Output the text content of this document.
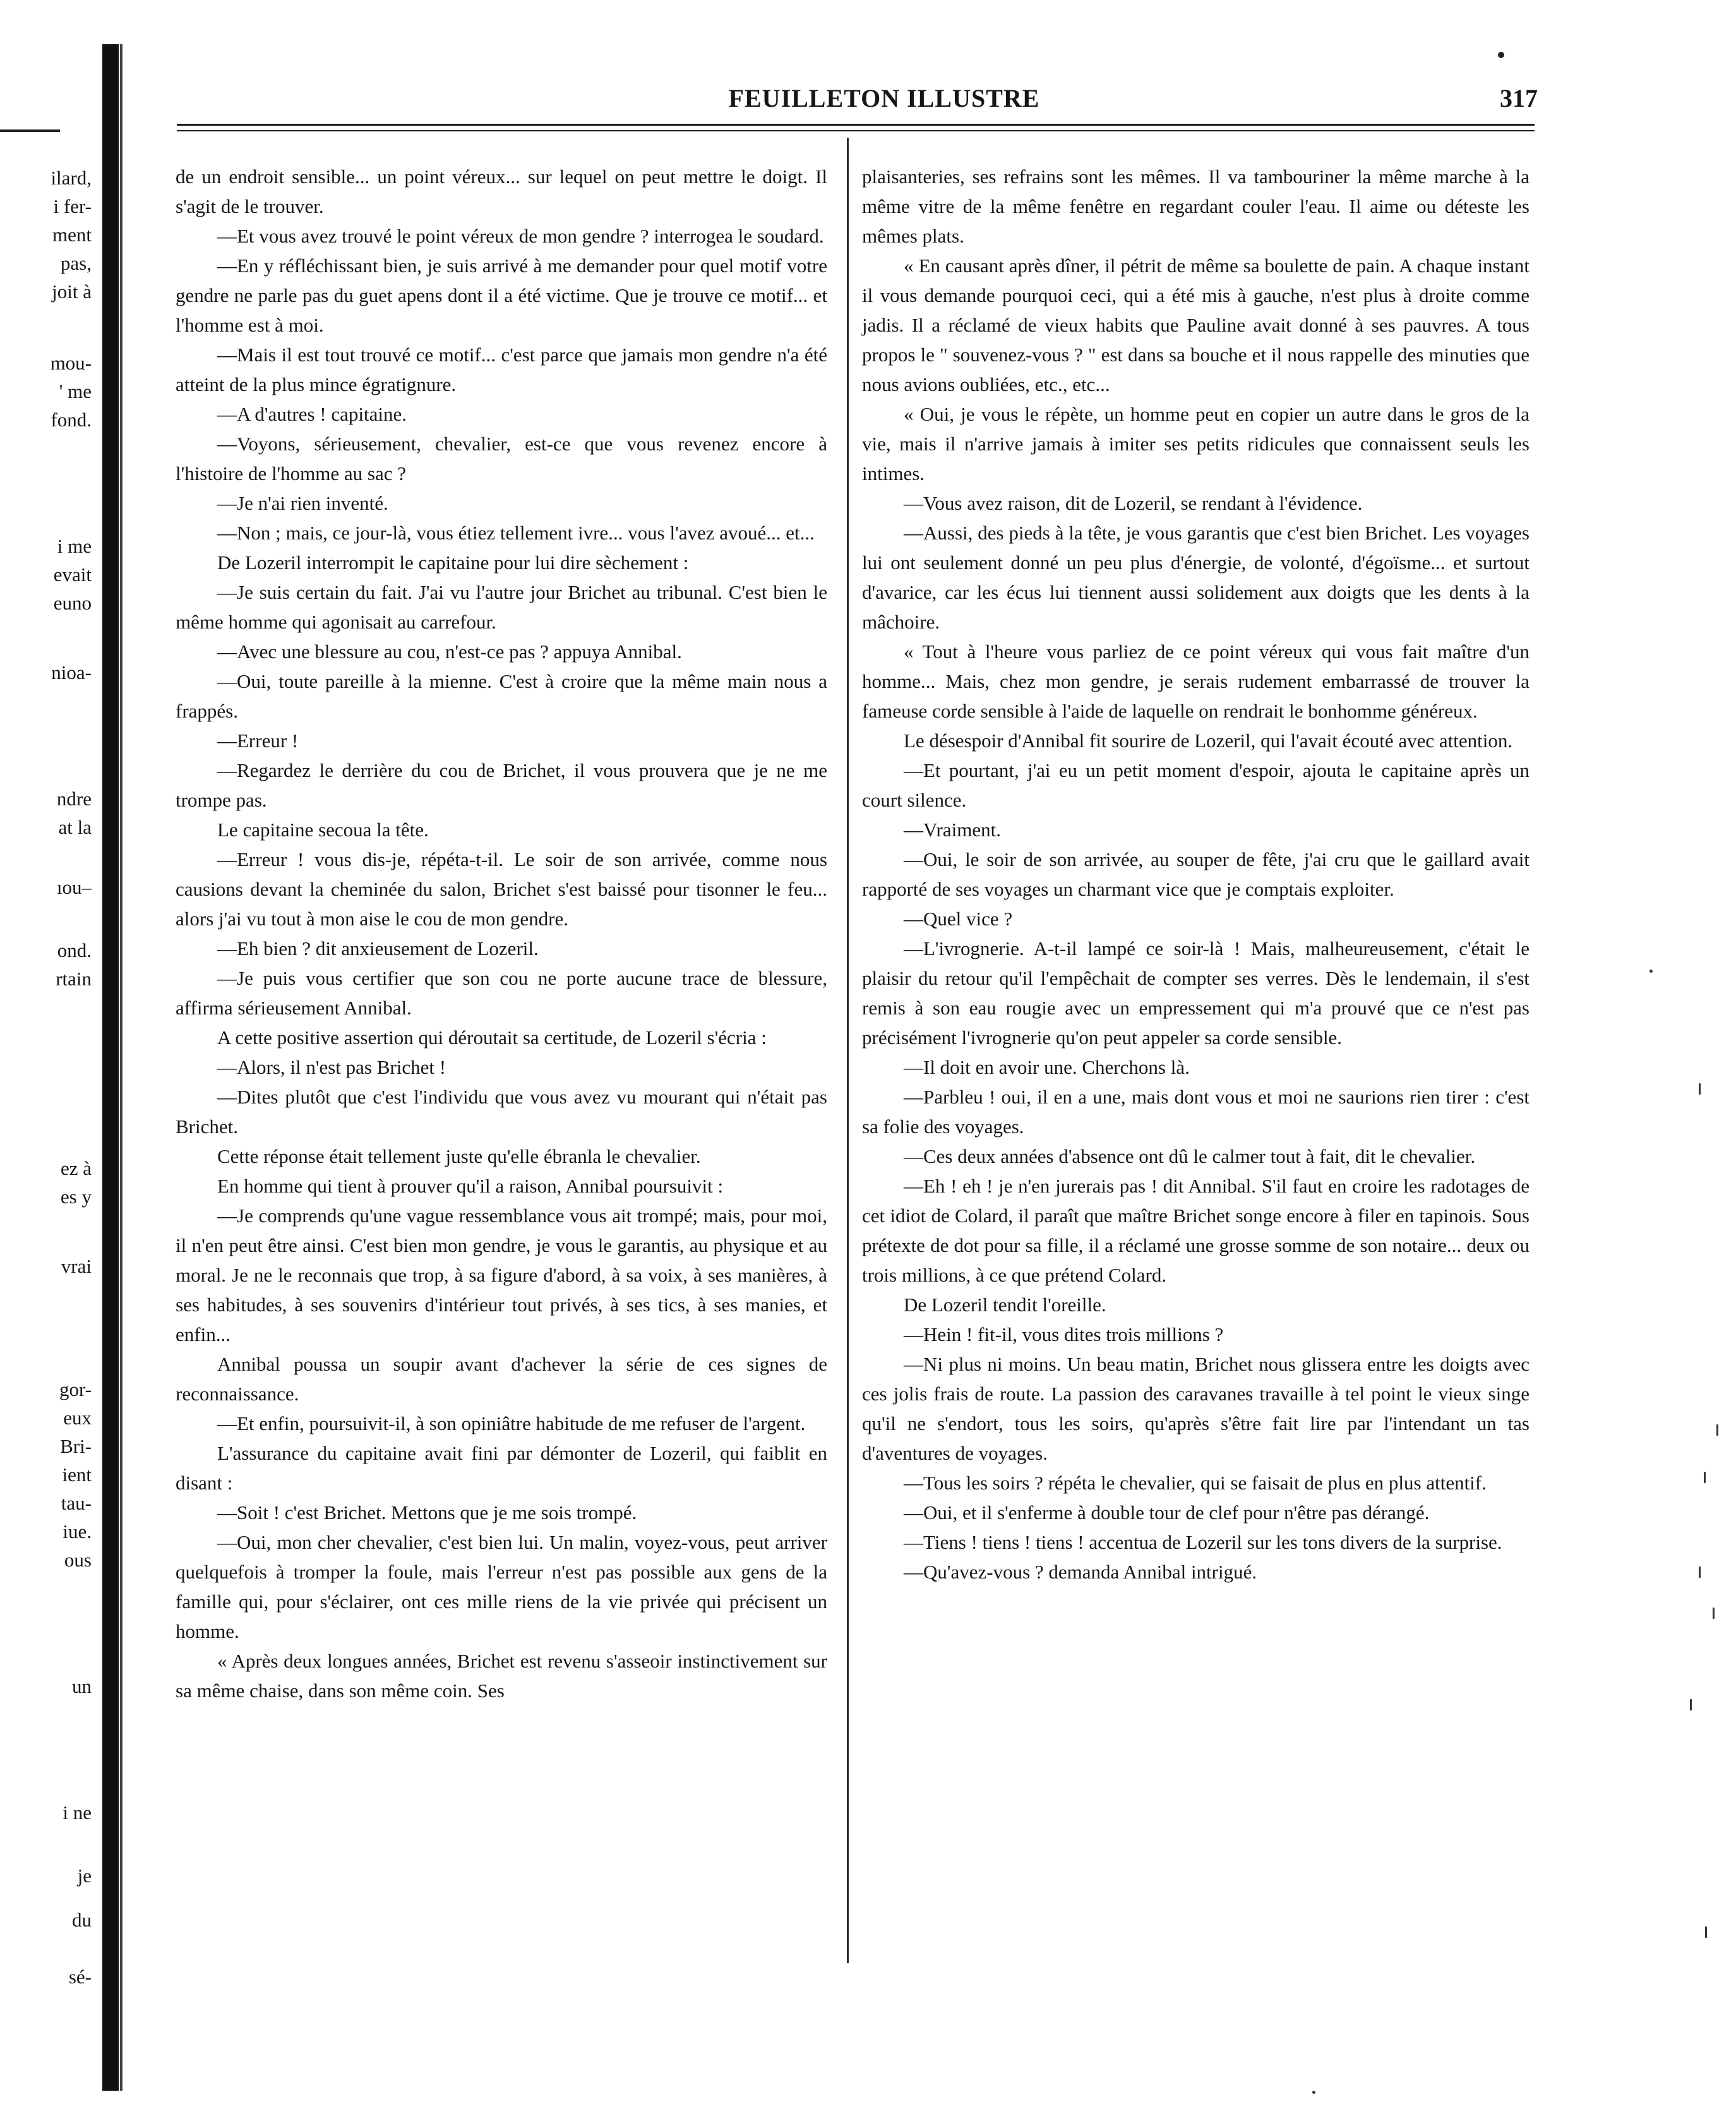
ilard,
i fer-
ment
pas,
joit à
mou-
' me
fond.
i me
evait
euno
nioa-
ndre
at la
ıou–
ond.
rtain
ez à
es y
vrai
gor-
eux
Bri-
ient
tau-
iue.
ous
un
i ne
je
du
sé-
FEUILLETON ILLUSTRE	317

de un endroit sensible... un point véreux... sur lequel on peut mettre le doigt. Il s'agit de le trouver.

—Et vous avez trouvé le point véreux de mon gendre ? interrogea le soudard.

—En y réfléchissant bien, je suis arrivé à me demander pour quel motif votre gendre ne parle pas du guet apens dont il a été victime. Que je trouve ce motif... et l'homme est à moi.

—Mais il est tout trouvé ce motif... c'est parce que jamais mon gendre n'a été atteint de la plus mince égratignure.

—A d'autres ! capitaine.

—Voyons, sérieusement, chevalier, est-ce que vous revenez encore à l'histoire de l'homme au sac ?

—Je n'ai rien inventé.

—Non ; mais, ce jour-là, vous étiez tellement ivre... vous l'avez avoué... et...

De Lozeril interrompit le capitaine pour lui dire sèchement :

—Je suis certain du fait. J'ai vu l'autre jour Brichet au tribunal. C'est bien le même homme qui agonisait au carrefour.

—Avec une blessure au cou, n'est-ce pas ? appuya Annibal.

—Oui, toute pareille à la mienne. C'est à croire que la même main nous a frappés.

—Erreur !

—Regardez le derrière du cou de Brichet, il vous prouvera que je ne me trompe pas.

Le capitaine secoua la tête.

—Erreur ! vous dis-je, répéta-t-il. Le soir de son arrivée, comme nous causions devant la cheminée du salon, Brichet s'est baissé pour tisonner le feu... alors j'ai vu tout à mon aise le cou de mon gendre.

—Eh bien ? dit anxieusement de Lozeril.

—Je puis vous certifier que son cou ne porte aucune trace de blessure, affirma sérieusement Annibal.

A cette positive assertion qui déroutait sa certitude, de Lozeril s'écria :

—Alors, il n'est pas Brichet !

—Dites plutôt que c'est l'individu que vous avez vu mourant qui n'était pas Brichet.

Cette réponse était tellement juste qu'elle ébranla le chevalier.

En homme qui tient à prouver qu'il a raison, Annibal poursuivit :

—Je comprends qu'une vague ressemblance vous ait trompé; mais, pour moi, il n'en peut être ainsi. C'est bien mon gendre, je vous le garantis, au physique et au moral. Je ne le reconnais que trop, à sa figure d'abord, à sa voix, à ses manières, à ses habitudes, à ses souvenirs d'intérieur tout privés, à ses tics, à ses manies, et enfin...

Annibal poussa un soupir avant d'achever la série de ces signes de reconnaissance.

—Et enfin, poursuivit-il, à son opiniâtre habitude de me refuser de l'argent.

L'assurance du capitaine avait fini par démonter de Lozeril, qui faiblit en disant :

—Soit ! c'est Brichet. Mettons que je me sois trompé.

—Oui, mon cher chevalier, c'est bien lui. Un malin, voyez-vous, peut arriver quelquefois à tromper la foule, mais l'erreur n'est pas possible aux gens de la famille qui, pour s'éclairer, ont ces mille riens de la vie privée qui précisent un homme.

« Après deux longues années, Brichet est revenu s'asseoir instinctivement sur sa même chaise, dans son même coin. Ses

plaisanteries, ses refrains sont les mêmes. Il va tambouriner la même marche à la même vitre de la même fenêtre en regardant couler l'eau. Il aime ou déteste les mêmes plats.

« En causant après dîner, il pétrit de même sa boulette de pain. A chaque instant il vous demande pourquoi ceci, qui a été mis à gauche, n'est plus à droite comme jadis. Il a réclamé de vieux habits que Pauline avait donné à ses pauvres. A tous propos le " souvenez-vous ? " est dans sa bouche et il nous rappelle des minuties que nous avions oubliées, etc., etc...

« Oui, je vous le répète, un homme peut en copier un autre dans le gros de la vie, mais il n'arrive jamais à imiter ses petits ridicules que connaissent seuls les intimes.

—Vous avez raison, dit de Lozeril, se rendant à l'évidence.

—Aussi, des pieds à la tête, je vous garantis que c'est bien Brichet. Les voyages lui ont seulement donné un peu plus d'énergie, de volonté, d'égoïsme... et surtout d'avarice, car les écus lui tiennent aussi solidement aux doigts que les dents à la mâchoire.

« Tout à l'heure vous parliez de ce point véreux qui vous fait maître d'un homme... Mais, chez mon gendre, je serais rudement embarrassé de trouver la fameuse corde sensible à l'aide de laquelle on rendrait le bonhomme généreux.

Le désespoir d'Annibal fit sourire de Lozeril, qui l'avait écouté avec attention.

—Et pourtant, j'ai eu un petit moment d'espoir, ajouta le capitaine après un court silence.

—Vraiment.

—Oui, le soir de son arrivée, au souper de fête, j'ai cru que le gaillard avait rapporté de ses voyages un charmant vice que je comptais exploiter.

—Quel vice ?

—L'ivrognerie. A-t-il lampé ce soir-là ! Mais, malheureusement, c'était le plaisir du retour qu'il l'empêchait de compter ses verres. Dès le lendemain, il s'est remis à son eau rougie avec un empressement qui m'a prouvé que ce n'est pas précisément l'ivrognerie qu'on peut appeler sa corde sensible.

—Il doit en avoir une. Cherchons là.

—Parbleu ! oui, il en a une, mais dont vous et moi ne saurions rien tirer : c'est sa folie des voyages.

—Ces deux années d'absence ont dû le calmer tout à fait, dit le chevalier.

—Eh ! eh ! je n'en jurerais pas ! dit Annibal. S'il faut en croire les radotages de cet idiot de Colard, il paraît que maître Brichet songe encore à filer en tapinois. Sous prétexte de dot pour sa fille, il a réclamé une grosse somme de son notaire... deux ou trois millions, à ce que prétend Colard.

De Lozeril tendit l'oreille.

—Hein ! fit-il, vous dites trois millions ?

—Ni plus ni moins. Un beau matin, Brichet nous glissera entre les doigts avec ces jolis frais de route. La passion des caravanes travaille à tel point le vieux singe qu'il ne s'endort, tous les soirs, qu'après s'être fait lire par l'intendant un tas d'aventures de voyages.

—Tous les soirs ? répéta le chevalier, qui se faisait de plus en plus attentif.

—Oui, et il s'enferme à double tour de clef pour n'être pas dérangé.

—Tiens ! tiens ! tiens ! accentua de Lozeril sur les tons divers de la surprise.

—Qu'avez-vous ? demanda Annibal intrigué.
